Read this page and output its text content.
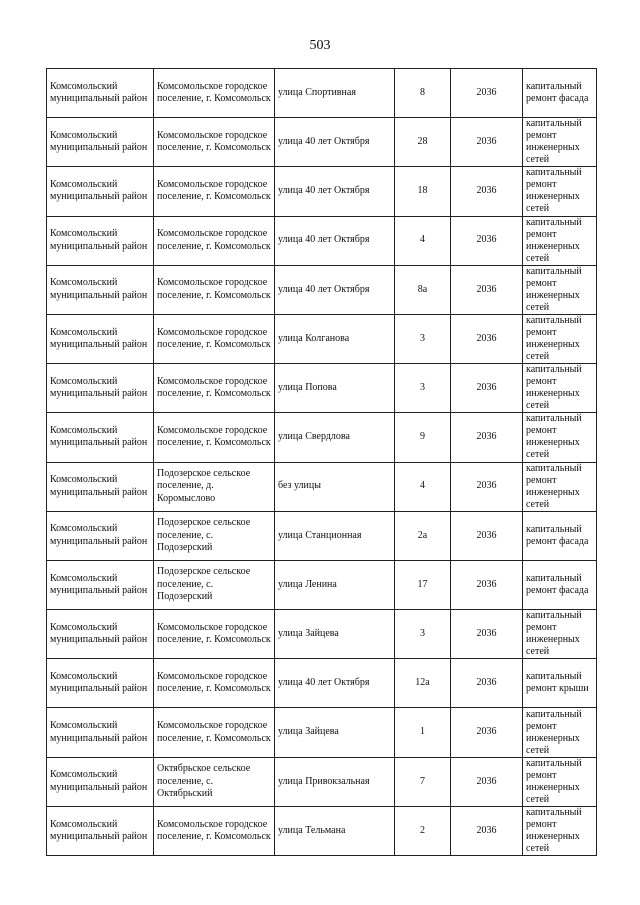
503
Комсомольский муниципальный район	Комсомольское городское поселение, г. Комсомольск	улица Спортивная	8	2036	капитальный ремонт фасада
Комсомольский муниципальный район	Комсомольское городское поселение, г. Комсомольск	улица 40 лет Октября	28	2036	капитальный ремонт инженерных сетей
Комсомольский муниципальный район	Комсомольское городское поселение, г. Комсомольск	улица 40 лет Октября	18	2036	капитальный ремонт инженерных сетей
Комсомольский муниципальный район	Комсомольское городское поселение, г. Комсомольск	улица 40 лет Октября	4	2036	капитальный ремонт инженерных сетей
Комсомольский муниципальный район	Комсомольское городское поселение, г. Комсомольск	улица 40 лет Октября	8а	2036	капитальный ремонт инженерных сетей
Комсомольский муниципальный район	Комсомольское городское поселение, г. Комсомольск	улица Колганова	3	2036	капитальный ремонт инженерных сетей
Комсомольский муниципальный район	Комсомольское городское поселение, г. Комсомольск	улица Попова	3	2036	капитальный ремонт инженерных сетей
Комсомольский муниципальный район	Комсомольское городское поселение, г. Комсомольск	улица Свердлова	9	2036	капитальный ремонт инженерных сетей
Комсомольский муниципальный район	Подозерское сельское поселение, д. Коромыслово	без улицы	4	2036	капитальный ремонт инженерных сетей
Комсомольский муниципальный район	Подозерское сельское поселение, с. Подозерский	улица Станционная	2а	2036	капитальный ремонт фасада
Комсомольский муниципальный район	Подозерское сельское поселение, с. Подозерский	улица Ленина	17	2036	капитальный ремонт фасада
Комсомольский муниципальный район	Комсомольское городское поселение, г. Комсомольск	улица Зайцева	3	2036	капитальный ремонт инженерных сетей
Комсомольский муниципальный район	Комсомольское городское поселение, г. Комсомольск	улица 40 лет Октября	12а	2036	капитальный ремонт крыши
Комсомольский муниципальный район	Комсомольское городское поселение, г. Комсомольск	улица Зайцева	1	2036	капитальный ремонт инженерных сетей
Комсомольский муниципальный район	Октябрьское сельское поселение, с. Октябрьский	улица Привокзальная	7	2036	капитальный ремонт инженерных сетей
Комсомольский муниципальный район	Комсомольское городское поселение, г. Комсомольск	улица Тельмана	2	2036	капитальный ремонт инженерных сетей
